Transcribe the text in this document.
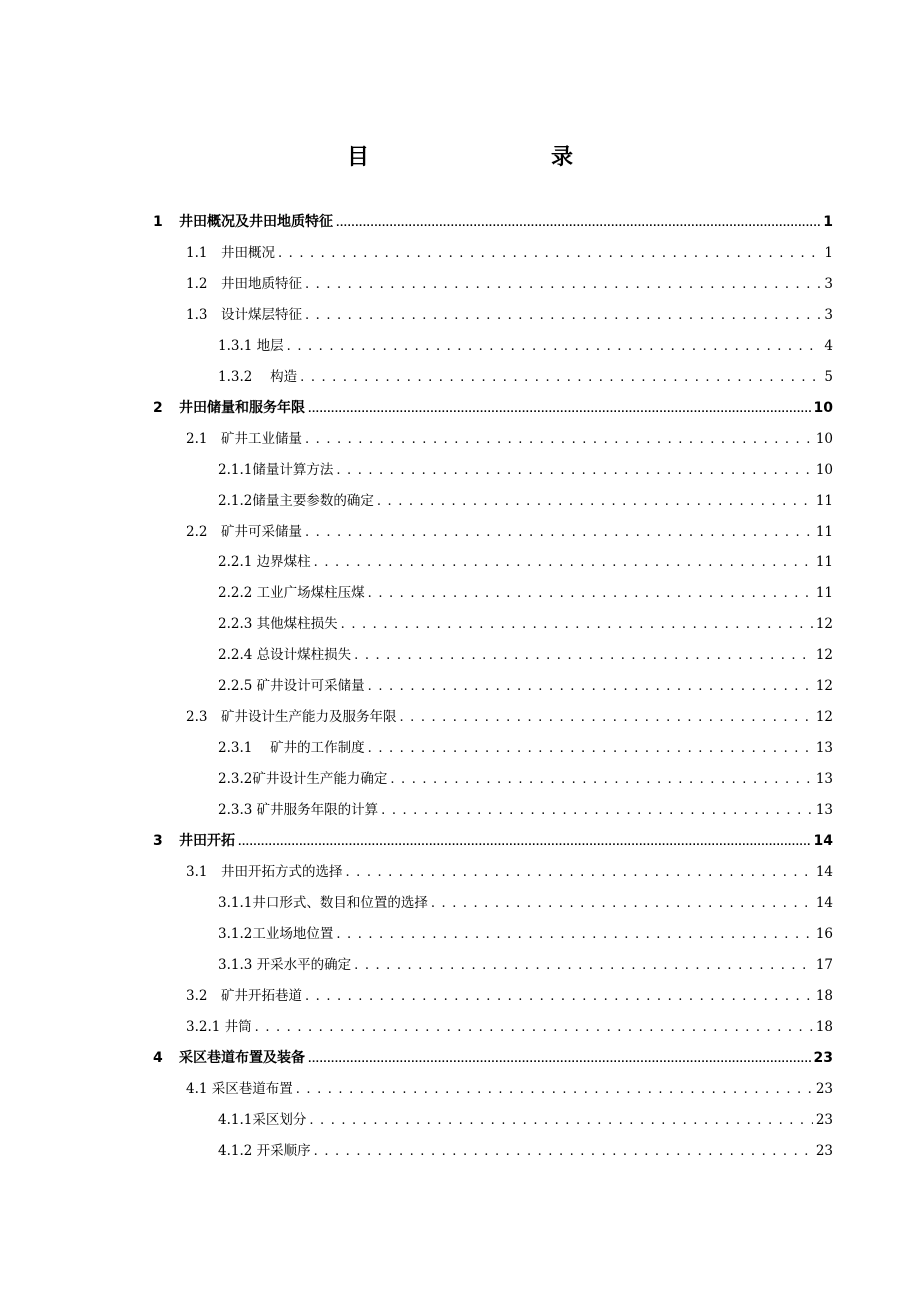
目　　录
1	井田概况及井田地质特征 .....	1
1.1　井田概况 . . .	1
1.2　井田地质特征 . . .	3
1.3　设计煤层特征 . . .	3
1.3.1 地层 . . .	4
1.3.2　 构造 . . .	5
2	井田储量和服务年限 .....	10
2.1　矿井工业储量 . . .	10
2.1.1储量计算方法 . . .	10
2.1.2储量主要参数的确定 . . .	11
2.2　矿井可采储量 . . .	11
2.2.1 边界煤柱 . . .	11
2.2.2 工业广场煤柱压煤 . . .	11
2.2.3 其他煤柱损失 . . .	12
2.2.4 总设计煤柱损失 . . .	12
2.2.5 矿井设计可采储量 . . .	12
2.3　矿井设计生产能力及服务年限 . . .	12
2.3.1　 矿井的工作制度 . . .	13
2.3.2矿井设计生产能力确定 . . .	13
2.3.3 矿井服务年限的计算 . . .	13
3	井田开拓 .....	14
3.1　井田开拓方式的选择 . . .	14
3.1.1井口形式、数目和位置的选择 . . .	14
3.1.2工业场地位置 . . .	16
3.1.3 开采水平的确定 . . .	17
3.2　矿井开拓巷道 . . .	18
3.2.1 井筒 . . .	18
4	采区巷道布置及装备 .....	23
4.1 采区巷道布置 . . .	23
4.1.1采区划分 . . .	23
4.1.2 开采顺序 . . .	23
